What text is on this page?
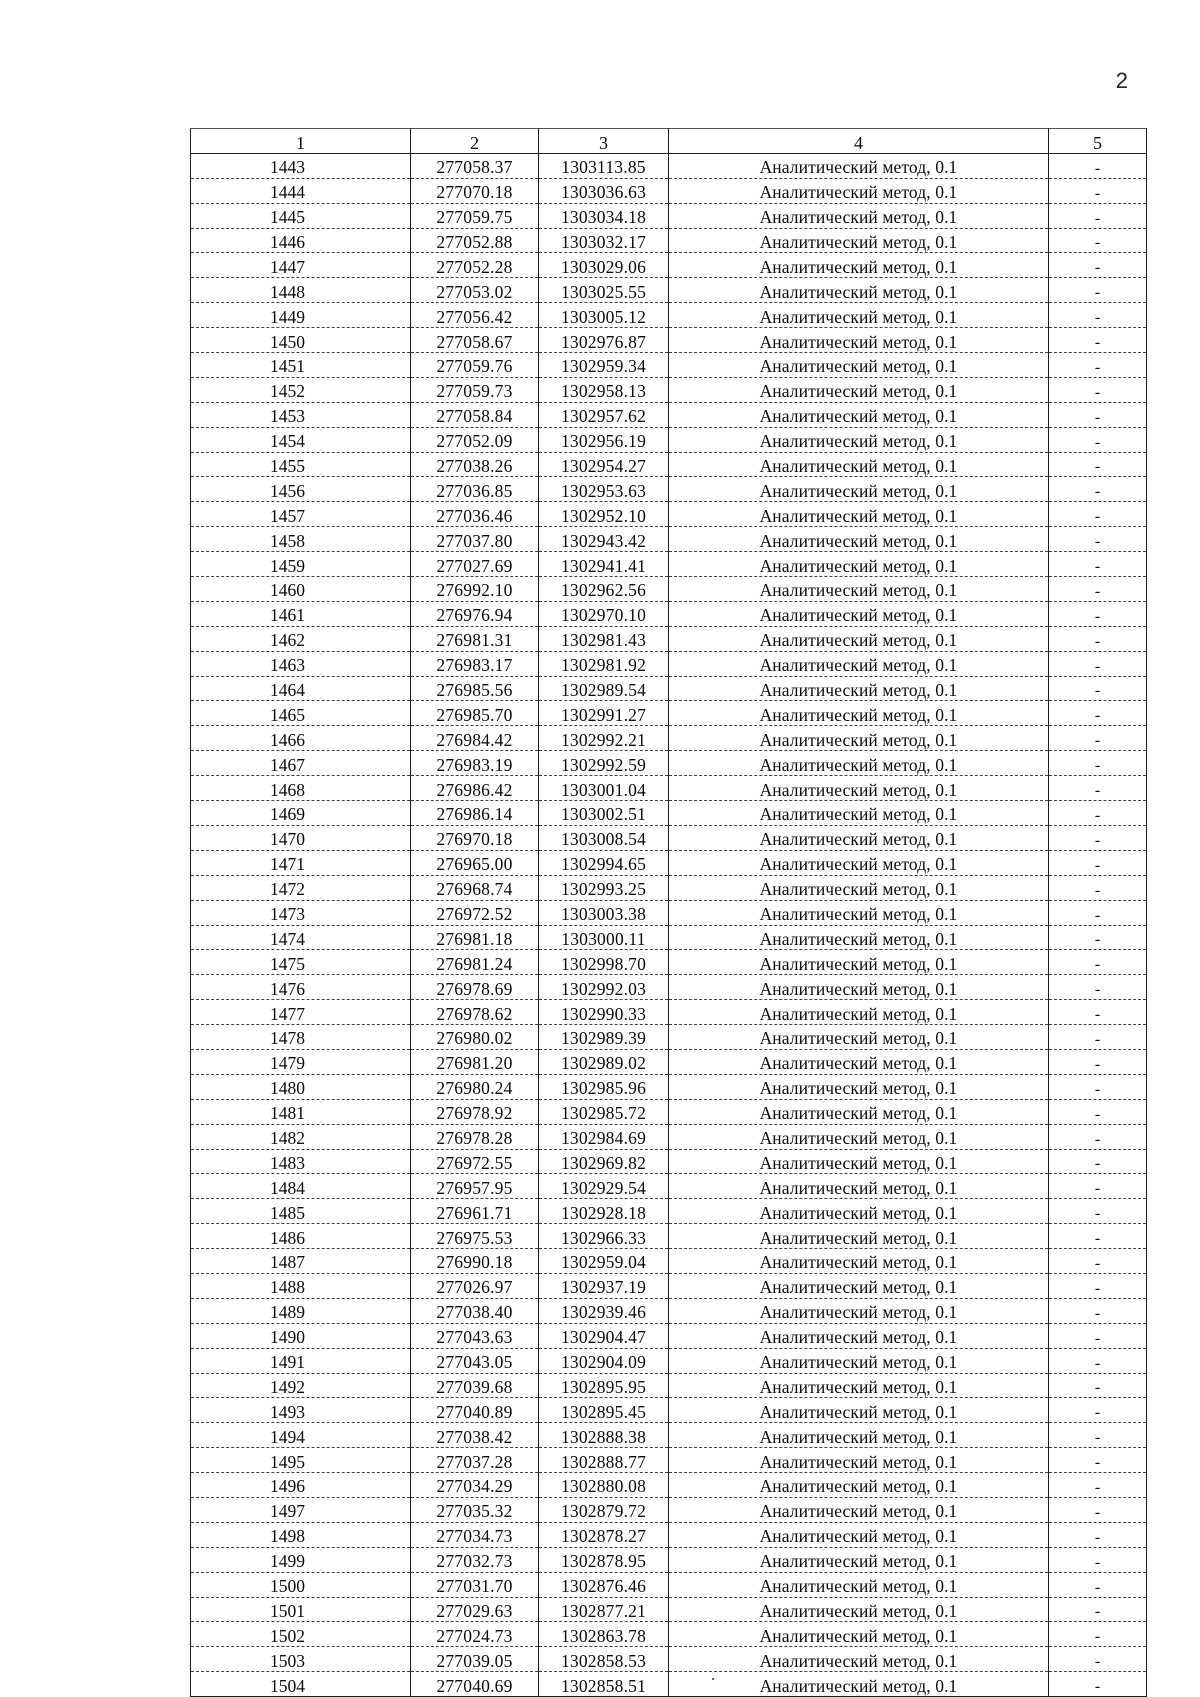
2
1	2	3	4	5
1443	277058.37	1303113.85	Аналитический метод, 0.1	-
1444	277070.18	1303036.63	Аналитический метод, 0.1	-
1445	277059.75	1303034.18	Аналитический метод, 0.1	-
1446	277052.88	1303032.17	Аналитический метод, 0.1	-
1447	277052.28	1303029.06	Аналитический метод, 0.1	-
1448	277053.02	1303025.55	Аналитический метод, 0.1	-
1449	277056.42	1303005.12	Аналитический метод, 0.1	-
1450	277058.67	1302976.87	Аналитический метод, 0.1	-
1451	277059.76	1302959.34	Аналитический метод, 0.1	-
1452	277059.73	1302958.13	Аналитический метод, 0.1	-
1453	277058.84	1302957.62	Аналитический метод, 0.1	-
1454	277052.09	1302956.19	Аналитический метод, 0.1	-
1455	277038.26	1302954.27	Аналитический метод, 0.1	-
1456	277036.85	1302953.63	Аналитический метод, 0.1	-
1457	277036.46	1302952.10	Аналитический метод, 0.1	-
1458	277037.80	1302943.42	Аналитический метод, 0.1	-
1459	277027.69	1302941.41	Аналитический метод, 0.1	-
1460	276992.10	1302962.56	Аналитический метод, 0.1	-
1461	276976.94	1302970.10	Аналитический метод, 0.1	-
1462	276981.31	1302981.43	Аналитический метод, 0.1	-
1463	276983.17	1302981.92	Аналитический метод, 0.1	-
1464	276985.56	1302989.54	Аналитический метод, 0.1	-
1465	276985.70	1302991.27	Аналитический метод, 0.1	-
1466	276984.42	1302992.21	Аналитический метод, 0.1	-
1467	276983.19	1302992.59	Аналитический метод, 0.1	-
1468	276986.42	1303001.04	Аналитический метод, 0.1	-
1469	276986.14	1303002.51	Аналитический метод, 0.1	-
1470	276970.18	1303008.54	Аналитический метод, 0.1	-
1471	276965.00	1302994.65	Аналитический метод, 0.1	-
1472	276968.74	1302993.25	Аналитический метод, 0.1	-
1473	276972.52	1303003.38	Аналитический метод, 0.1	-
1474	276981.18	1303000.11	Аналитический метод, 0.1	-
1475	276981.24	1302998.70	Аналитический метод, 0.1	-
1476	276978.69	1302992.03	Аналитический метод, 0.1	-
1477	276978.62	1302990.33	Аналитический метод, 0.1	-
1478	276980.02	1302989.39	Аналитический метод, 0.1	-
1479	276981.20	1302989.02	Аналитический метод, 0.1	-
1480	276980.24	1302985.96	Аналитический метод, 0.1	-
1481	276978.92	1302985.72	Аналитический метод, 0.1	-
1482	276978.28	1302984.69	Аналитический метод, 0.1	-
1483	276972.55	1302969.82	Аналитический метод, 0.1	-
1484	276957.95	1302929.54	Аналитический метод, 0.1	-
1485	276961.71	1302928.18	Аналитический метод, 0.1	-
1486	276975.53	1302966.33	Аналитический метод, 0.1	-
1487	276990.18	1302959.04	Аналитический метод, 0.1	-
1488	277026.97	1302937.19	Аналитический метод, 0.1	-
1489	277038.40	1302939.46	Аналитический метод, 0.1	-
1490	277043.63	1302904.47	Аналитический метод, 0.1	-
1491	277043.05	1302904.09	Аналитический метод, 0.1	-
1492	277039.68	1302895.95	Аналитический метод, 0.1	-
1493	277040.89	1302895.45	Аналитический метод, 0.1	-
1494	277038.42	1302888.38	Аналитический метод, 0.1	-
1495	277037.28	1302888.77	Аналитический метод, 0.1	-
1496	277034.29	1302880.08	Аналитический метод, 0.1	-
1497	277035.32	1302879.72	Аналитический метод, 0.1	-
1498	277034.73	1302878.27	Аналитический метод, 0.1	-
1499	277032.73	1302878.95	Аналитический метод, 0.1	-
1500	277031.70	1302876.46	Аналитический метод, 0.1	-
1501	277029.63	1302877.21	Аналитический метод, 0.1	-
1502	277024.73	1302863.78	Аналитический метод, 0.1	-
1503	277039.05	1302858.53	Аналитический метод, 0.1	-
1504	277040.69	1302858.51	Аналитический метод, 0.1	-
